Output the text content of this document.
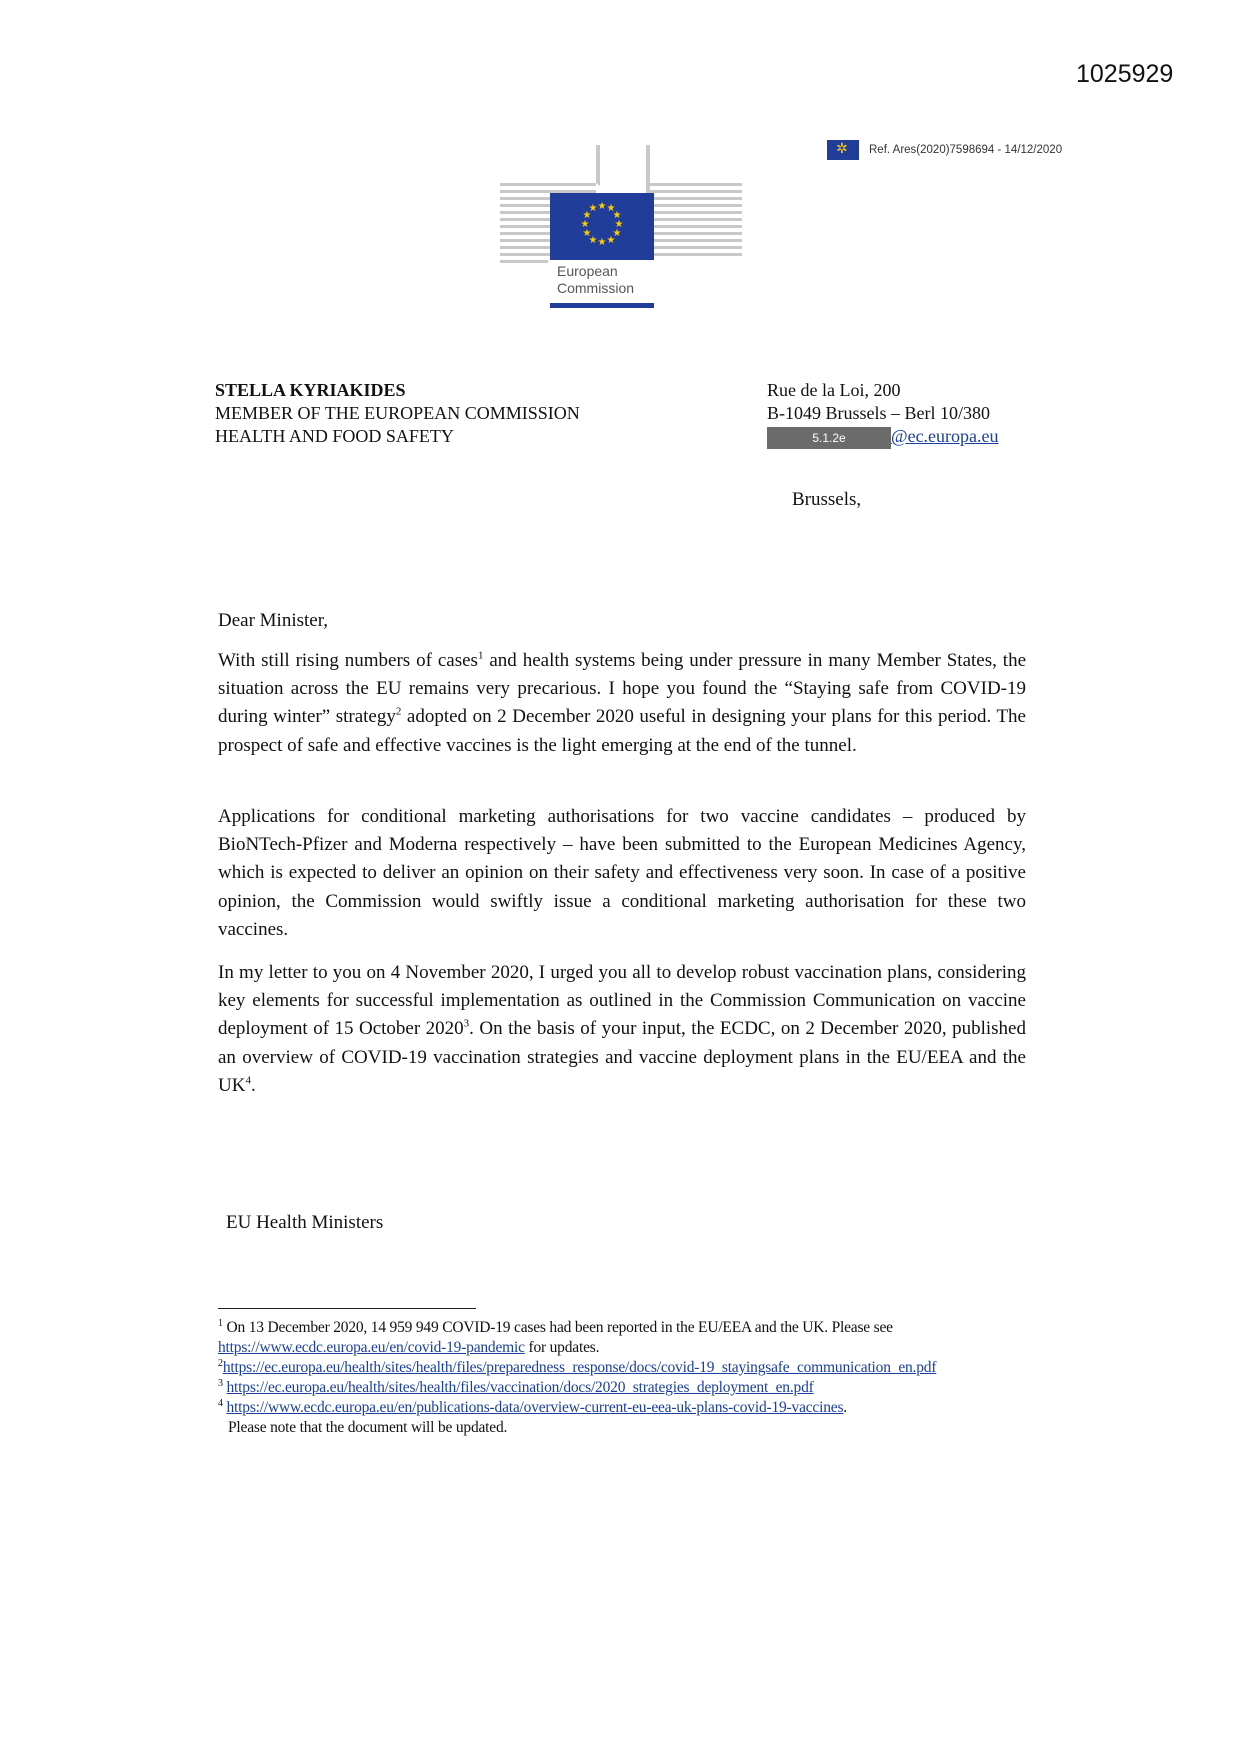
1025929
✲
Ref. Ares(2020)7598694 - 14/12/2020
★ ★
★
★
★
★
★
★
★
★
★
★
European
Commission
STELLA KYRIAKIDES
MEMBER OF THE EUROPEAN COMMISSION
HEALTH AND FOOD SAFETY
Rue de la Loi, 200
B-1049 Brussels – Berl 10/380
5.1.2e	@ec.europa.eu
Brussels,
Dear Minister,
With still rising numbers of cases$^1$ and health systems being under pressure in many Member States, the situation across the EU remains very precarious. I hope you found the “Staying safe from COVID-19 during winter” strategy$^2$ adopted on 2 December 2020 useful in designing your plans for this period. The prospect of safe and effective vaccines is the light emerging at the end of the tunnel.
Applications for conditional marketing authorisations for two vaccine candidates – produced by BioNTech-Pfizer and Moderna respectively – have been submitted to the European Medicines Agency, which is expected to deliver an opinion on their safety and effectiveness very soon. In case of a positive opinion, the Commission would swiftly issue a conditional marketing authorisation for these two vaccines.
In my letter to you on 4 November 2020, I urged you all to develop robust vaccination plans, considering key elements for successful implementation as outlined in the Commission Communication on vaccine deployment of 15 October 2020$^3$. On the basis of your input, the ECDC, on 2 December 2020, published an overview of COVID-19 vaccination strategies and vaccine deployment plans in the EU/EEA and the $UK^4$.
EU Health Ministers

$^1$ On 13 December 2020, 14 959 949 COVID-19 cases had been reported in the EU/EEA and the UK. Please see https://www.ecdc.europa.eu/en/covid-19-pandemic for updates.

$^2$https://ec.europa.eu/health/sites/health/files/preparedness_response/docs/covid-19_stayingsafe_communication_en.pdf

$^3$ https://ec.europa.eu/health/sites/health/files/vaccination/docs/2020_strategies_deployment_en.pdf

$^4$ https://www.ecdc.europa.eu/en/publications-data/overview-current-eu-eea-uk-plans-covid-19-vaccines.

Please note that the document will be updated.
